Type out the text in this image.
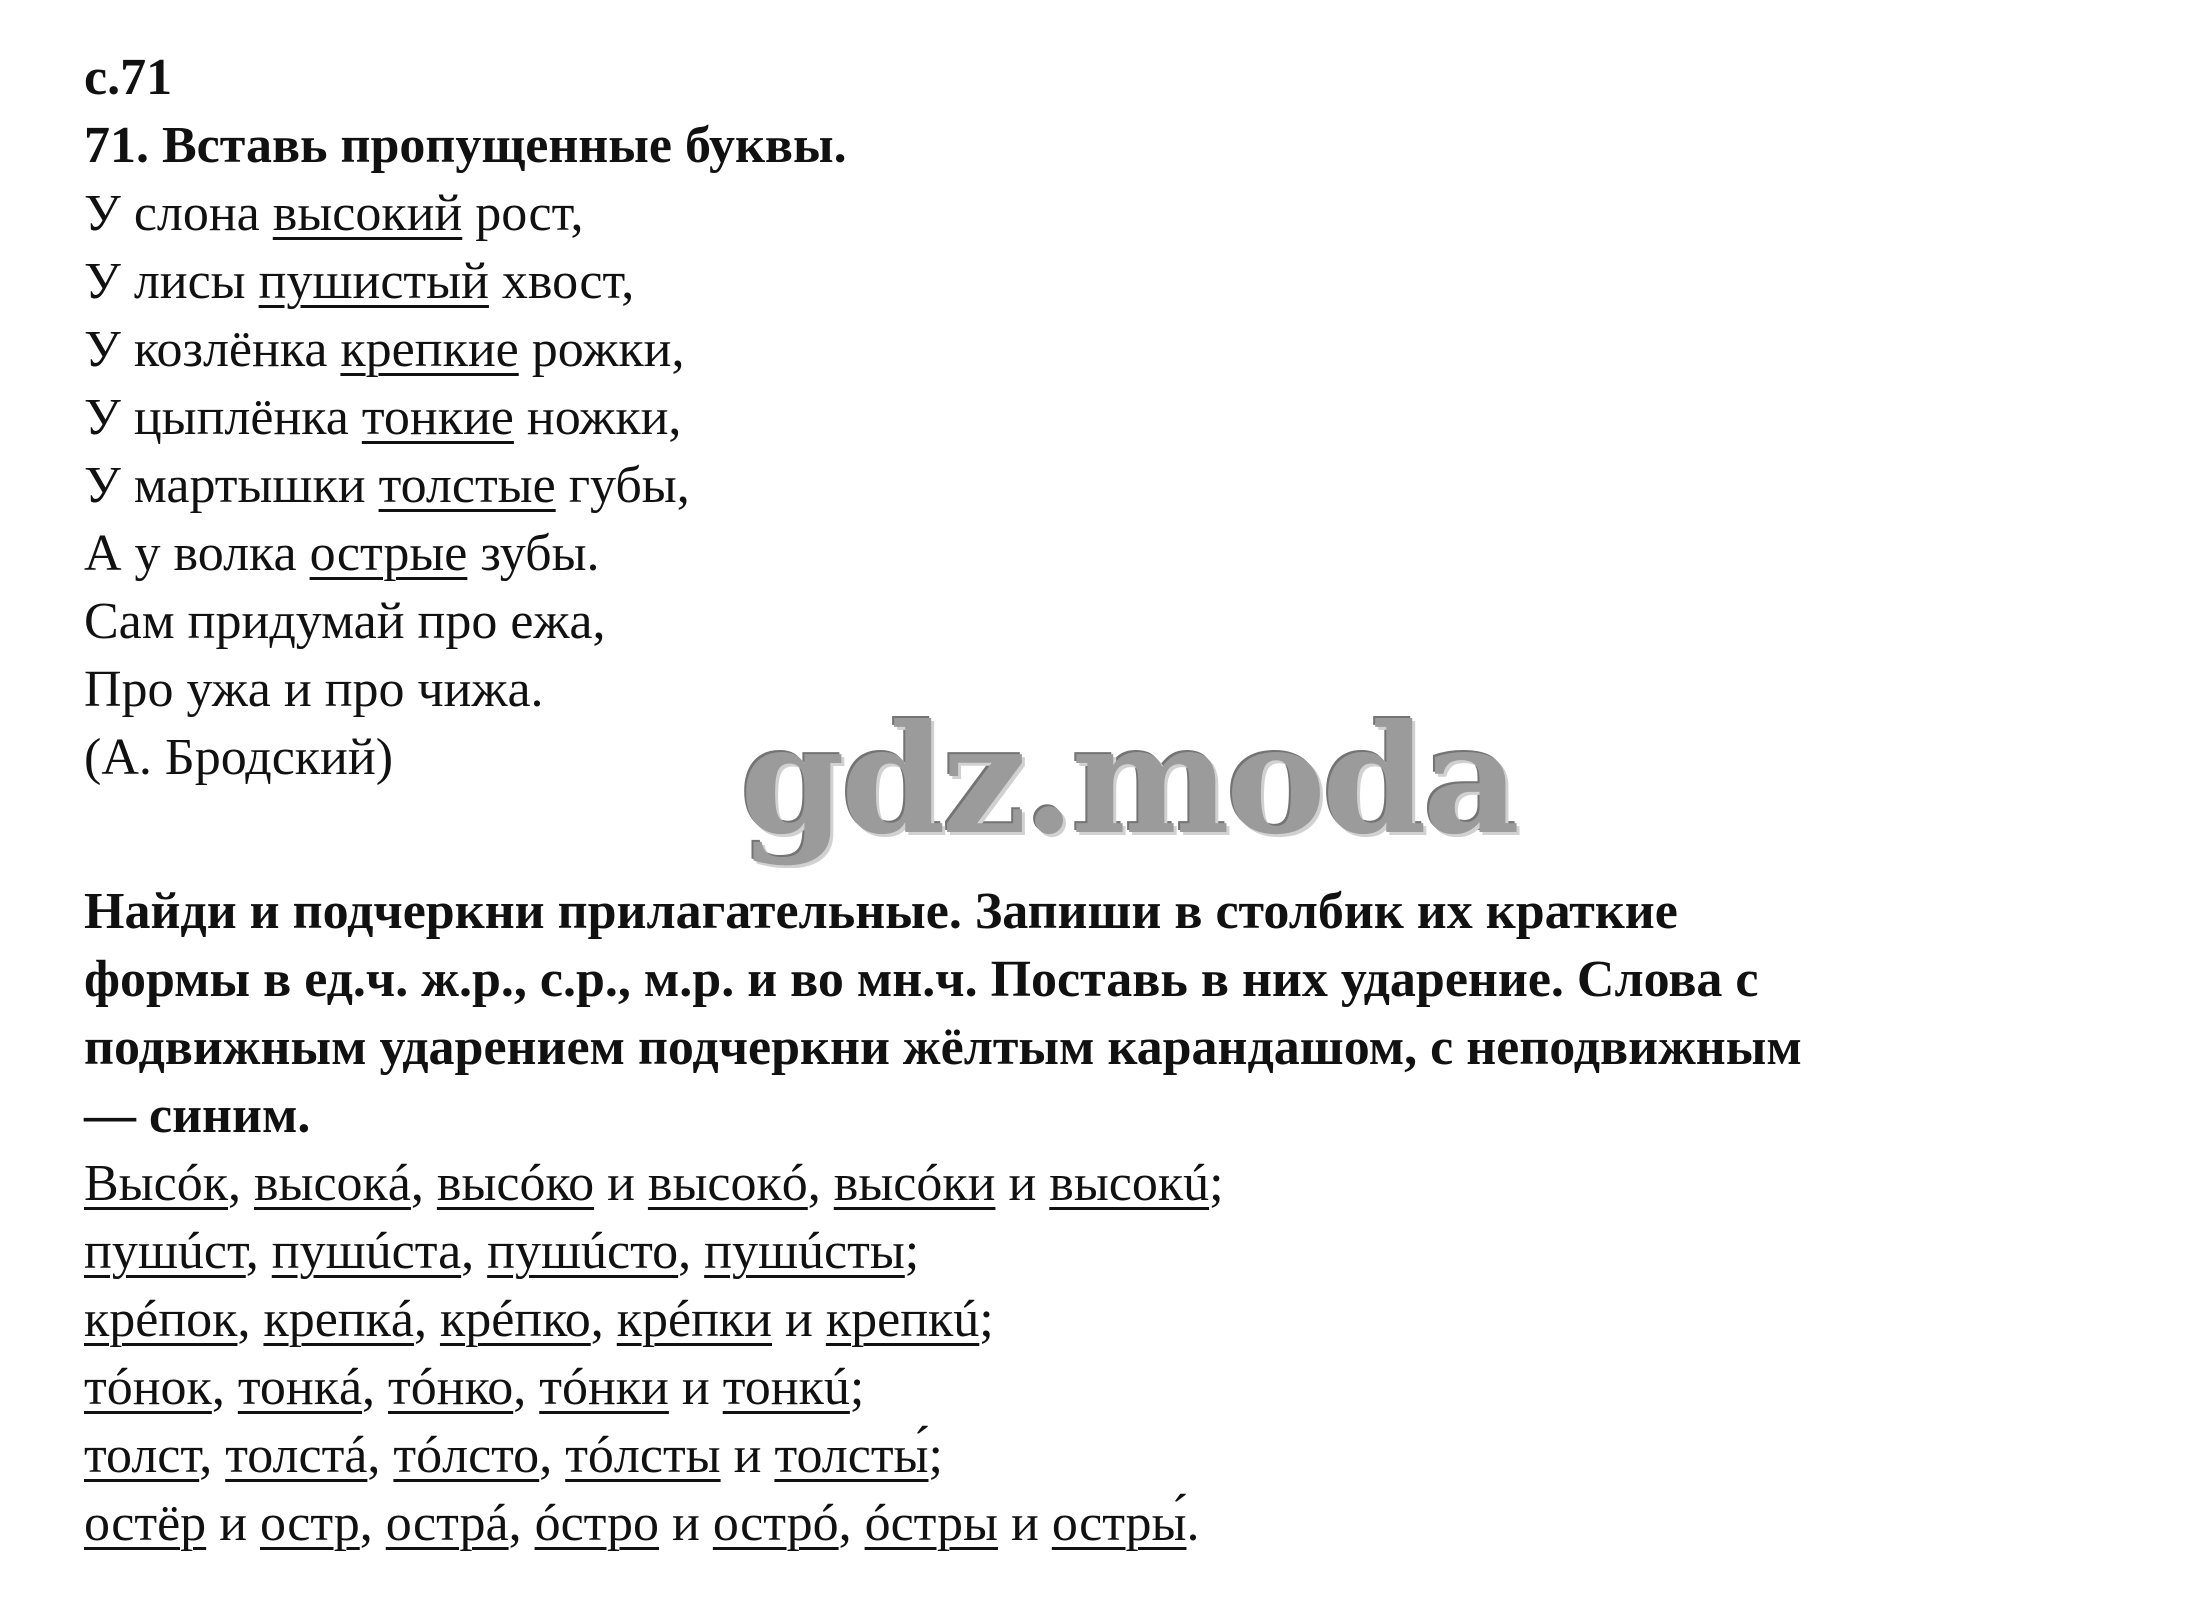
с.71
71. Вставь пропущенные буквы.
У слона высокий рост,
У лисы пушистый хвост,
У козлёнка крепкие рожки,
У цыплёнка тонкие ножки,
У мартышки толстые губы,
А у волка острые зубы.
Сам придумай про ежа,
Про ужа и про чижа.
(А. Бродский)
Найди и подчеркни прилагательные. Запиши в столбик их краткие
формы в ед.ч. ж.р., с.р., м.р. и во мн.ч. Поставь в них ударение. Слова с
подвижным ударением подчеркни жёлтым карандашом, с неподвижным
— синим.
Высóк, высокá, высóко и высокó, высóки и высокú;
пушúст, пушúста, пушúсто, пушúсты;
крéпок, крепкá, крéпко, крéпки и крепкú;
тóнок, тонкá, тóнко, тóнки и тонкú;
толст, толстá, тóлсто, тóлсты и толсты́;
остёр и остр, острá, óстро и острó, óстры и остры́.
gdz.moda
